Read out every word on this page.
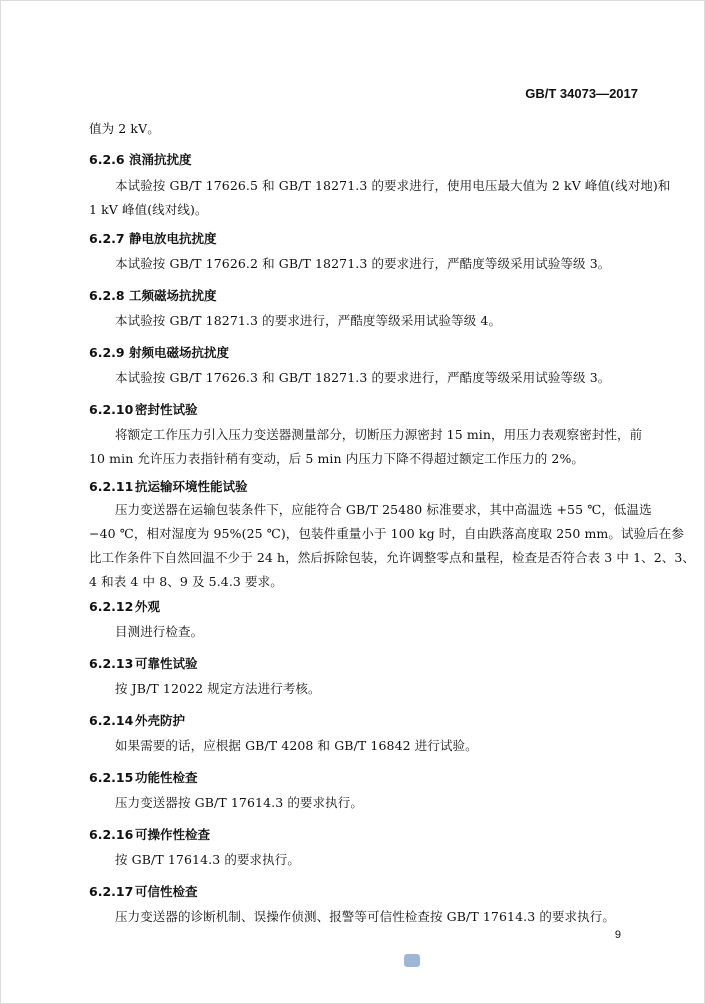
GB/T 34073—2017
值为 2 kV。
6.2.6 浪涌抗扰度
本试验按 GB/T 17626.5 和 GB/T 18271.3 的要求进行，使用电压最大值为 2 kV 峰值(线对地)和
1 kV 峰值(线对线)。
6.2.7 静电放电抗扰度
本试验按 GB/T 17626.2 和 GB/T 18271.3 的要求进行，严酷度等级采用试验等级 3。
6.2.8 工频磁场抗扰度
本试验按 GB/T 18271.3 的要求进行，严酷度等级采用试验等级 4。
6.2.9 射频电磁场抗扰度
本试验按 GB/T 17626.3 和 GB/T 18271.3 的要求进行，严酷度等级采用试验等级 3。
6.2.10 密封性试验
将额定工作压力引入压力变送器测量部分，切断压力源密封 15 min，用压力表观察密封性，前
10 min 允许压力表指针稍有变动，后 5 min 内压力下降不得超过额定工作压力的 2%。
6.2.11 抗运输环境性能试验
压力变送器在运输包装条件下，应能符合 GB/T 25480 标准要求，其中高温选 +55 ℃，低温选
−40 ℃，相对湿度为 95%(25 ℃)，包装件重量小于 100 kg 时，自由跌落高度取 250 mm。试验后在参
比工作条件下自然回温不少于 24 h，然后拆除包装，允许调整零点和量程，检查是否符合表 3 中 1、2、3、
4 和表 4 中 8、9 及 5.4.3 要求。
6.2.12 外观
目测进行检查。
6.2.13 可靠性试验
按 JB/T 12022 规定方法进行考核。
6.2.14 外壳防护
如果需要的话，应根据 GB/T 4208 和 GB/T 16842 进行试验。
6.2.15 功能性检查
压力变送器按 GB/T 17614.3 的要求执行。
6.2.16 可操作性检查
按 GB/T 17614.3 的要求执行。
6.2.17 可信性检查
压力变送器的诊断机制、误操作侦测、报警等可信性检查按 GB/T 17614.3 的要求执行。
9
